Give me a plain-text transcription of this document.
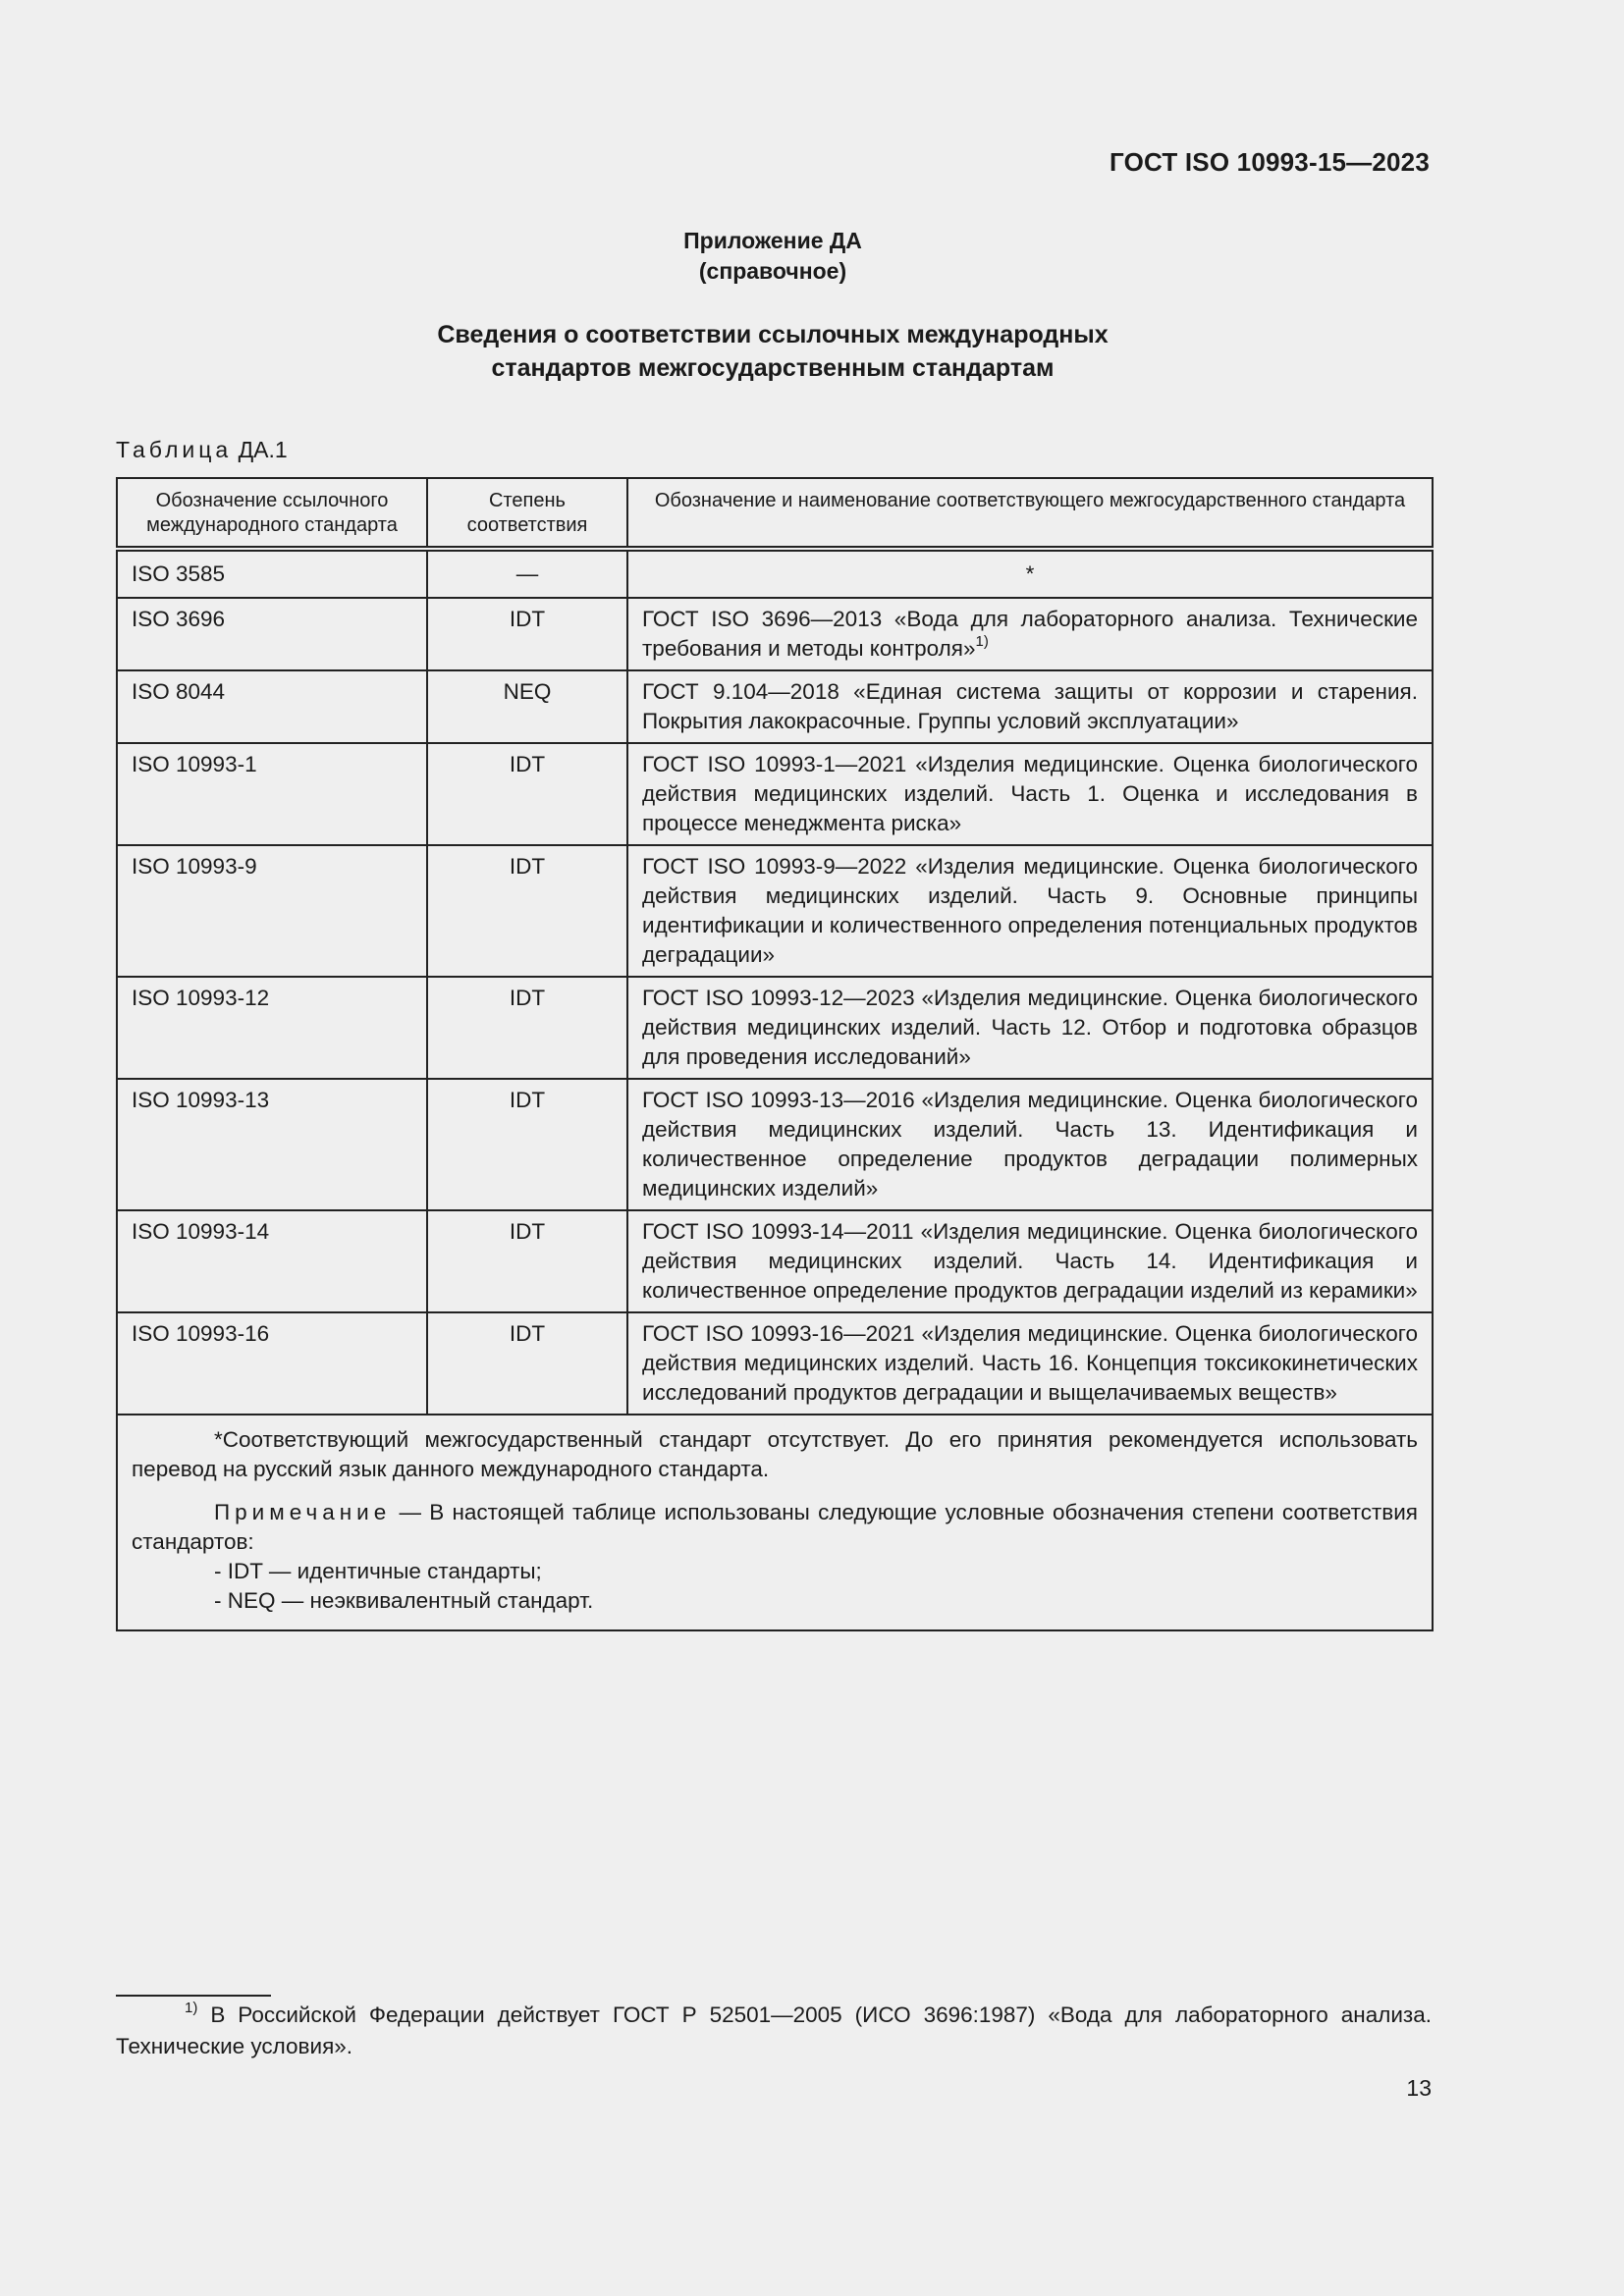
ГОСТ ISO 10993-15—2023
Приложение ДА
(справочное)
Сведения о соответствии ссылочных международных
стандартов межгосударственным стандартам
Таблица ДА.1
Обозначение ссылочного международного стандарта	Степень соответствия	Обозначение и наименование соответствующего межгосударственного стандарта
ISO 3585	—	*
ISO 3696	IDT	ГОСТ ISO 3696—2013 «Вода для лабораторного анализа. Технические требования и методы контроля»$^{1)}$
ISO 8044	NEQ	ГОСТ 9.104—2018 «Единая система защиты от коррозии и старения. Покрытия лакокрасочные. Группы условий эксплуатации»
ISO 10993-1	IDT	ГОСТ ISO 10993-1—2021 «Изделия медицинские. Оценка биологического действия медицинских изделий. Часть 1. Оценка и исследования в процессе менеджмента риска»
ISO 10993-9	IDT	ГОСТ ISO 10993-9—2022 «Изделия медицинские. Оценка биологического действия медицинских изделий. Часть 9. Основные принципы идентификации и количественного определения потенциальных продуктов деградации»
ISO 10993-12	IDT	ГОСТ ISO 10993-12—2023 «Изделия медицинские. Оценка биологического действия медицинских изделий. Часть 12. Отбор и подготовка образцов для проведения исследований»
ISO 10993-13	IDT	ГОСТ ISO 10993-13—2016 «Изделия медицинские. Оценка биологического действия медицинских изделий. Часть 13. Идентификация и количественное определение продуктов деградации полимерных медицинских изделий»
ISO 10993-14	IDT	ГОСТ ISO 10993-14—2011 «Изделия медицинские. Оценка биологического действия медицинских изделий. Часть 14. Идентификация и количественное определение продуктов деградации изделий из керамики»
ISO 10993-16	IDT	ГОСТ ISO 10993-16—2021 «Изделия медицинские. Оценка биологического действия медицинских изделий. Часть 16. Концепция токсикокинетических исследований продуктов деградации и выщелачиваемых веществ»

*Соответствующий межгосударственный стандарт отсутствует. До его принятия рекомендуется использовать перевод на русский язык данного международного стандарта.

Примечание — В настоящей таблице использованы следующие условные обозначения степени соответствия стандартов:

- IDT — идентичные стандарты;
- NEQ — неэквивалентный стандарт.		
$^{1)}$ В Российской Федерации действует ГОСТ Р 52501—2005 (ИСО 3696:1987) «Вода для лабораторного анализа. Технические условия».
13
